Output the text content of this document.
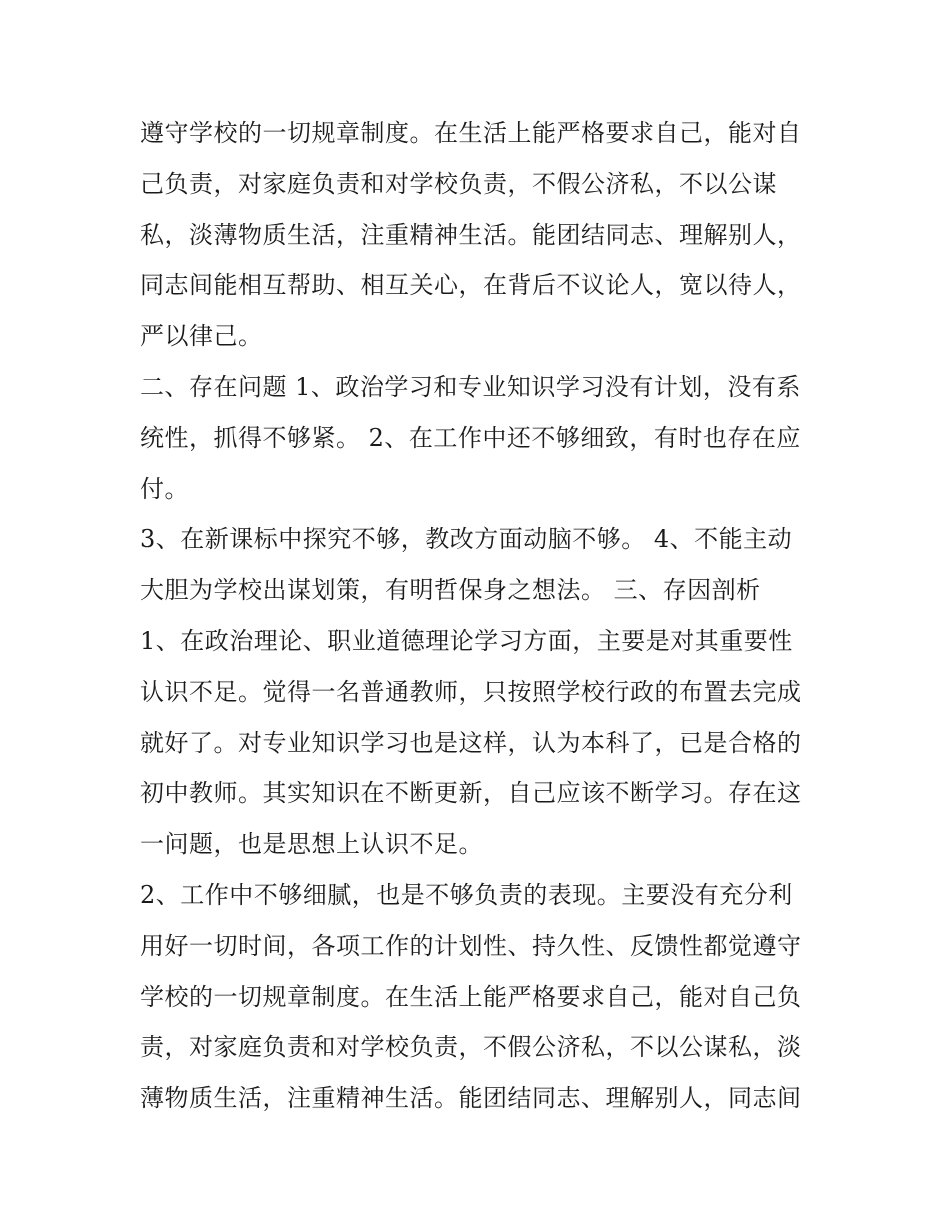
遵守学校的一切规章制度。在生活上能严格要求自己，能对自
己负责，对家庭负责和对学校负责，不假公济私，不以公谋
私，淡薄物质生活，注重精神生活。能团结同志、理解别人，
同志间能相互帮助、相互关心，在背后不议论人，宽以待人，
严以律己。
二、存在问题 1、政治学习和专业知识学习没有计划，没有系
统性，抓得不够紧。 2、在工作中还不够细致，有时也存在应
付。
3、在新课标中探究不够，教改方面动脑不够。 4、不能主动
大胆为学校出谋划策，有明哲保身之想法。 三、存因剖析
1、在政治理论、职业道德理论学习方面，主要是对其重要性
认识不足。觉得一名普通教师，只按照学校行政的布置去完成
就好了。对专业知识学习也是这样，认为本科了，已是合格的
初中教师。其实知识在不断更新，自己应该不断学习。存在这
一问题，也是思想上认识不足。
2、工作中不够细腻，也是不够负责的表现。主要没有充分利
用好一切时间，各项工作的计划性、持久性、反馈性都觉遵守
学校的一切规章制度。在生活上能严格要求自己，能对自己负
责，对家庭负责和对学校负责，不假公济私，不以公谋私，淡
薄物质生活，注重精神生活。能团结同志、理解别人，同志间
